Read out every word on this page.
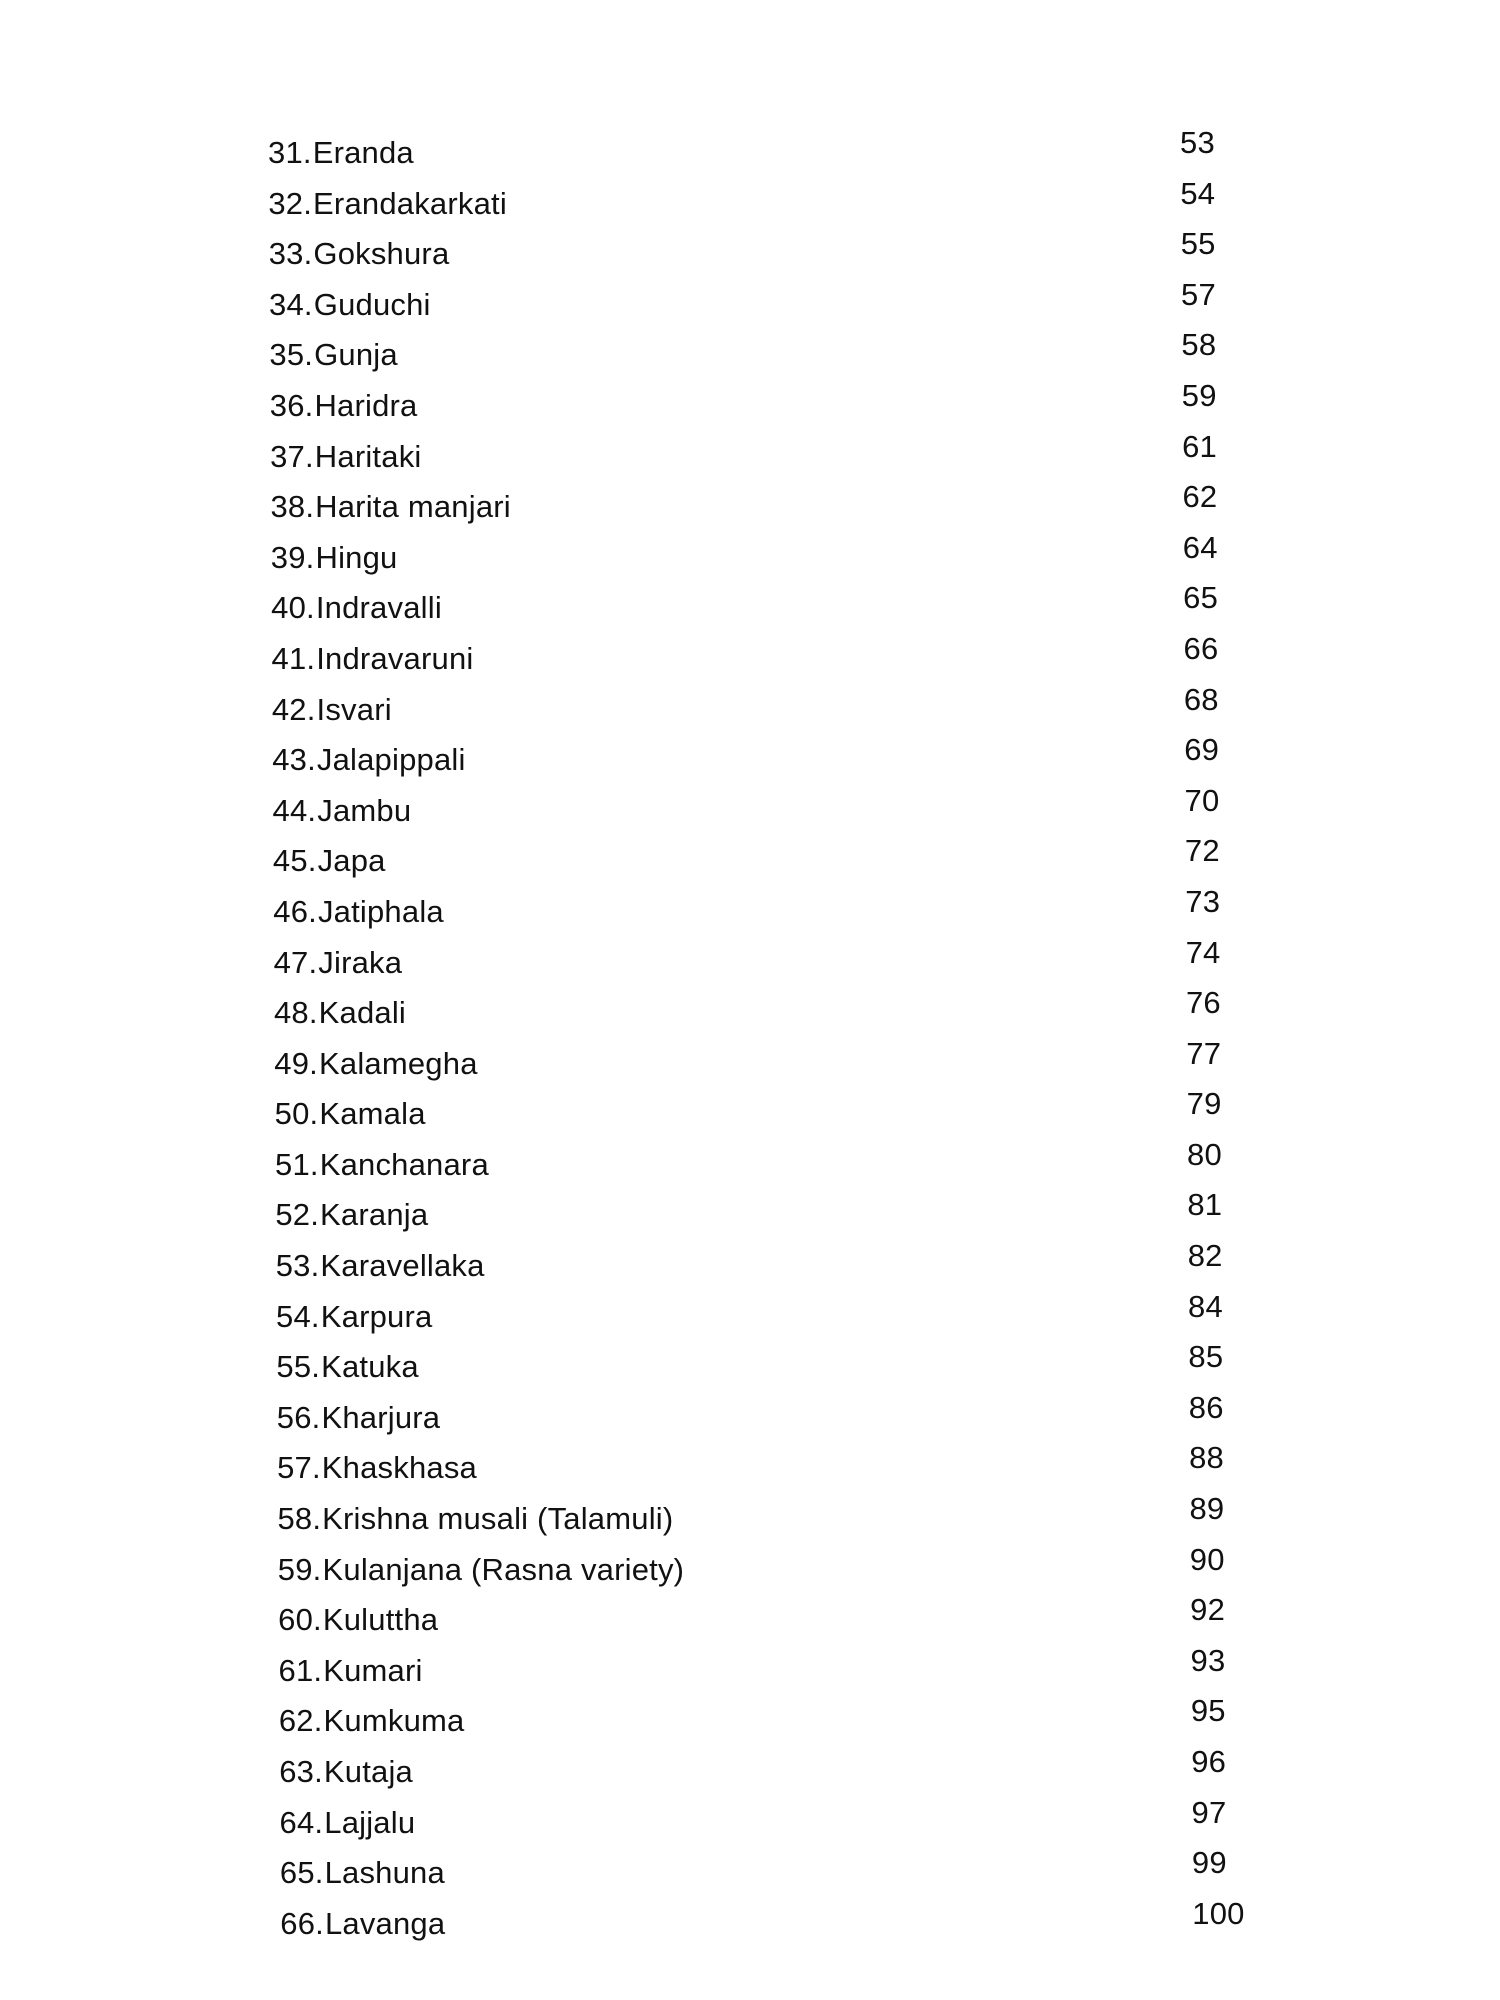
31.Eranda	53
32.Erandakarkati	54
33.Gokshura	55
34.Guduchi	57
35.Gunja	58
36.Haridra	59
37.Haritaki	61
38.Harita manjari	62
39.Hingu	64
40.Indravalli	65
41.Indravaruni	66
42.Isvari	68
43.Jalapippali	69
44.Jambu	70
45.Japa	72
46.Jatiphala	73
47.Jiraka	74
48.Kadali	76
49.Kalamegha	77
50.Kamala	79
51.Kanchanara	80
52.Karanja	81
53.Karavellaka	82
54.Karpura	84
55.Katuka	85
56.Kharjura	86
57.Khaskhasa	88
58.Krishna musali (Talamuli)	89
59.Kulanjana (Rasna variety)	90
60.Kuluttha	92
61.Kumari	93
62.Kumkuma	95
63.Kutaja	96
64.Lajjalu	97
65.Lashuna	99
66.Lavanga	100
